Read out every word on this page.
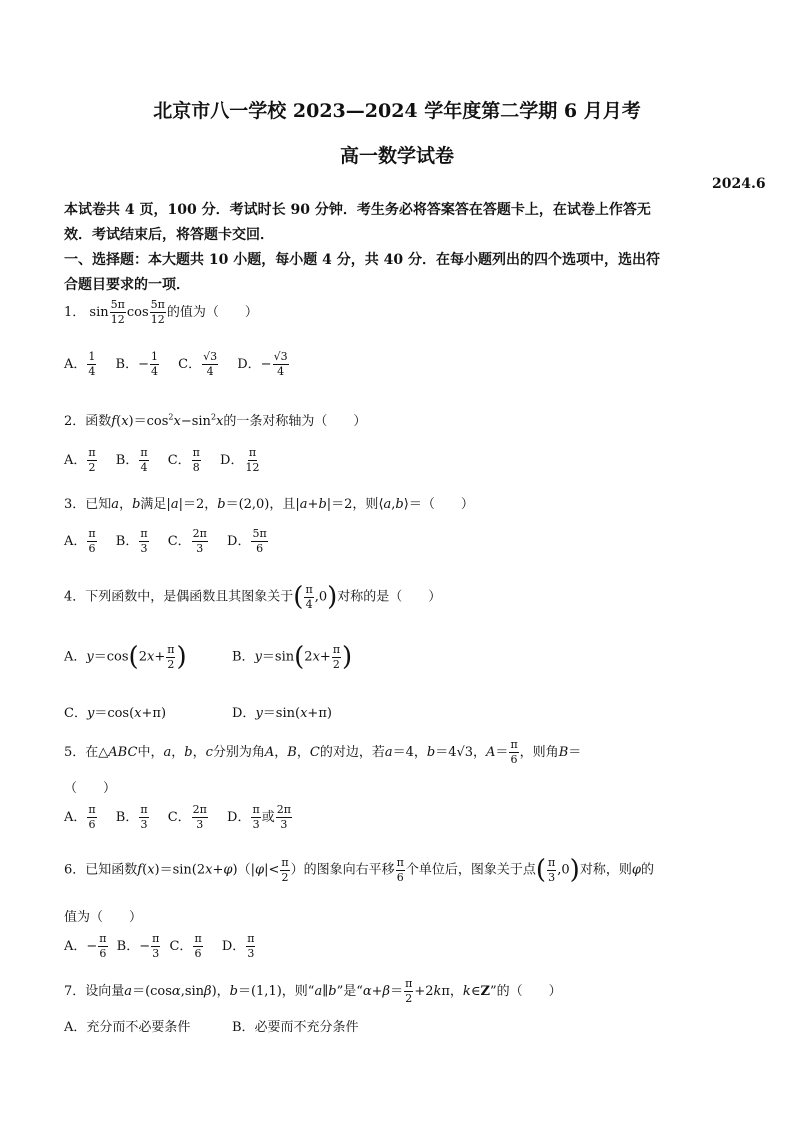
北京市八一学校 2023—2024 学年度第二学期 6 月月考
高一数学试卷
2024.6
本试卷共 4 页，100 分．考试时长 90 分钟．考生务必将答案答在答题卡上，在试卷上作答无
效．考试结束后，将答题卡交回．
一、选择题：本大题共 10 小题，每小题 4 分，共 40 分．在每小题列出的四个选项中，选出符
合题目要求的一项．
1． $\sin \frac{5\pi}{12}$ $\cos \frac{5\pi}{12}$ 的值为（　　）
A． $\frac{1}{4}$ B．− $\frac{1}{4}$ C． $\frac{√3}{4}$ D．− $\frac{√3}{4}$
2．函数$f(x)=\cos^2x-\sin^2x$的一条对称轴为（　　）
A． $\frac{\pi}{2}$ B． $\frac{\pi}{4}$ C． $\frac{\pi}{8}$ D． $\frac{\pi}{12}$
3．已知a，b满足|a|＝2，b＝(2,0)，且|a+b|＝2，则⟨a,b⟩＝（　　）
A． $\frac{\pi}{6}$ B． $\frac{\pi}{3}$ C． $\frac{2\pi}{3}$ D． $\frac{5\pi}{6}$
4．下列函数中，是偶函数且其图象关于( $\frac{\pi}{4} ,0$)对称的是（　　）
A．$y=\cos(2x+ \frac{\pi}{2}$ )	B．$y=\sin(2x+ \frac{\pi}{2}$ )
C．y＝cos(x+π)	D．y＝sin(x+π)
5．在△ABC中，a，b，c分别为角A，B，C的对边，若a＝4，b＝4√3，$A= \frac{\pi}{6}$ ，则角B＝
（　　）
A． $\frac{\pi}{6}$ B． $\frac{\pi}{3}$ C． $\frac{2\pi}{3}$ D． $\frac{\pi}{3}$ 或 $\frac{2\pi}{3}$
6．已知函数$f(x)=\sin(2x+\varphi)(|\varphi|< \frac{\pi}{2}$ ）的图象向右平移 $\frac{\pi}{6}$ 个单位后，图象关于点( $\frac{\pi}{3} ,0$)对称，则φ的
值为（　　）
A．− $\frac{\pi}{6}$ B．− $\frac{\pi}{3}$ C． $\frac{\pi}{6}$ D． $\frac{\pi}{3}$
7．设向量a＝(cosα,sinβ)，b＝(1,1)，则“a∥b”是“$\alpha+\beta= \frac{\pi}{2} +2k\pi$，k∈Z”的（　　）
A．充分而不必要条件	B．必要而不充分条件
